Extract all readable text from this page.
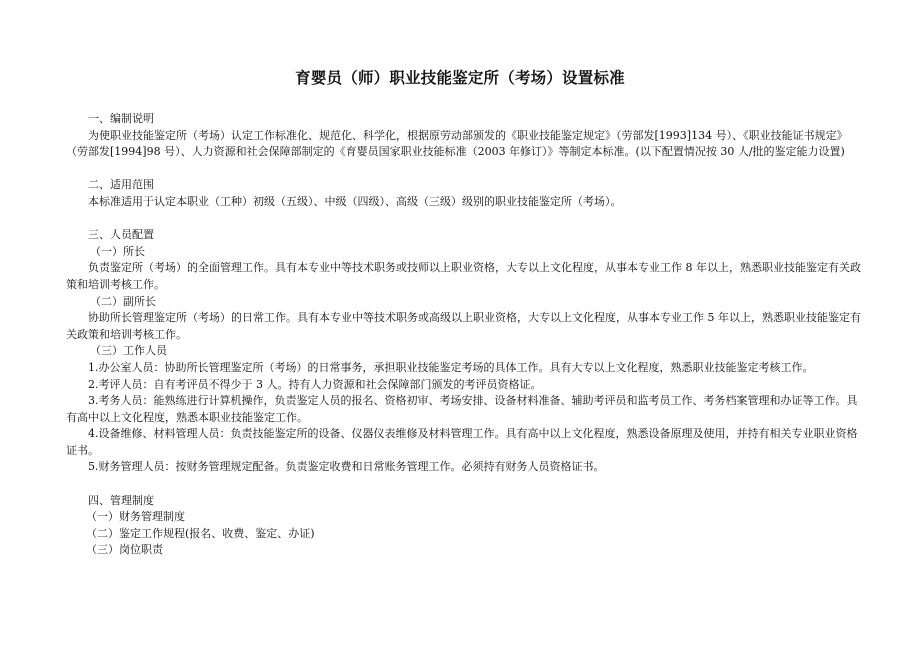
育婴员（师）职业技能鉴定所（考场）设置标准
一、编制说明
为使职业技能鉴定所（考场）认定工作标准化、规范化、科学化，根据原劳动部颁发的《职业技能鉴定规定》（劳部发[1993]134 号）、《职业技能证书规定》（劳部发[1994]98 号）、人力资源和社会保障部制定的《育婴员国家职业技能标准（2003 年修订）》等制定本标准。(以下配置情况按 30 人/批的鉴定能力设置)
二、适用范围
本标准适用于认定本职业（工种）初级（五级）、中级（四级）、高级（三级）级别的职业技能鉴定所（考场）。
三、人员配置
（一）所长
负责鉴定所（考场）的全面管理工作。具有本专业中等技术职务或技师以上职业资格，大专以上文化程度，从事本专业工作 8 年以上，熟悉职业技能鉴定有关政策和培训考核工作。
（二）副所长
协助所长管理鉴定所（考场）的日常工作。具有本专业中等技术职务或高级以上职业资格，大专以上文化程度，从事本专业工作 5 年以上，熟悉职业技能鉴定有关政策和培训考核工作。
（三）工作人员
1.办公室人员：协助所长管理鉴定所（考场）的日常事务，承担职业技能鉴定考场的具体工作。具有大专以上文化程度，熟悉职业技能鉴定考核工作。
2.考评人员：自有考评员不得少于 3 人。持有人力资源和社会保障部门颁发的考评员资格证。
3.考务人员：能熟练进行计算机操作，负责鉴定人员的报名、资格初审、考场安排、设备材料准备、辅助考评员和监考员工作、考务档案管理和办证等工作。具有高中以上文化程度，熟悉本职业技能鉴定工作。
4.设备维修、材料管理人员：负责技能鉴定所的设备、仪器仪表维修及材料管理工作。具有高中以上文化程度，熟悉设备原理及使用，并持有相关专业职业资格证书。
5.财务管理人员：按财务管理规定配备。负责鉴定收费和日常账务管理工作。必须持有财务人员资格证书。
四、管理制度
（一）财务管理制度
（二）鉴定工作规程(报名、收费、鉴定、办证)
（三）岗位职责
